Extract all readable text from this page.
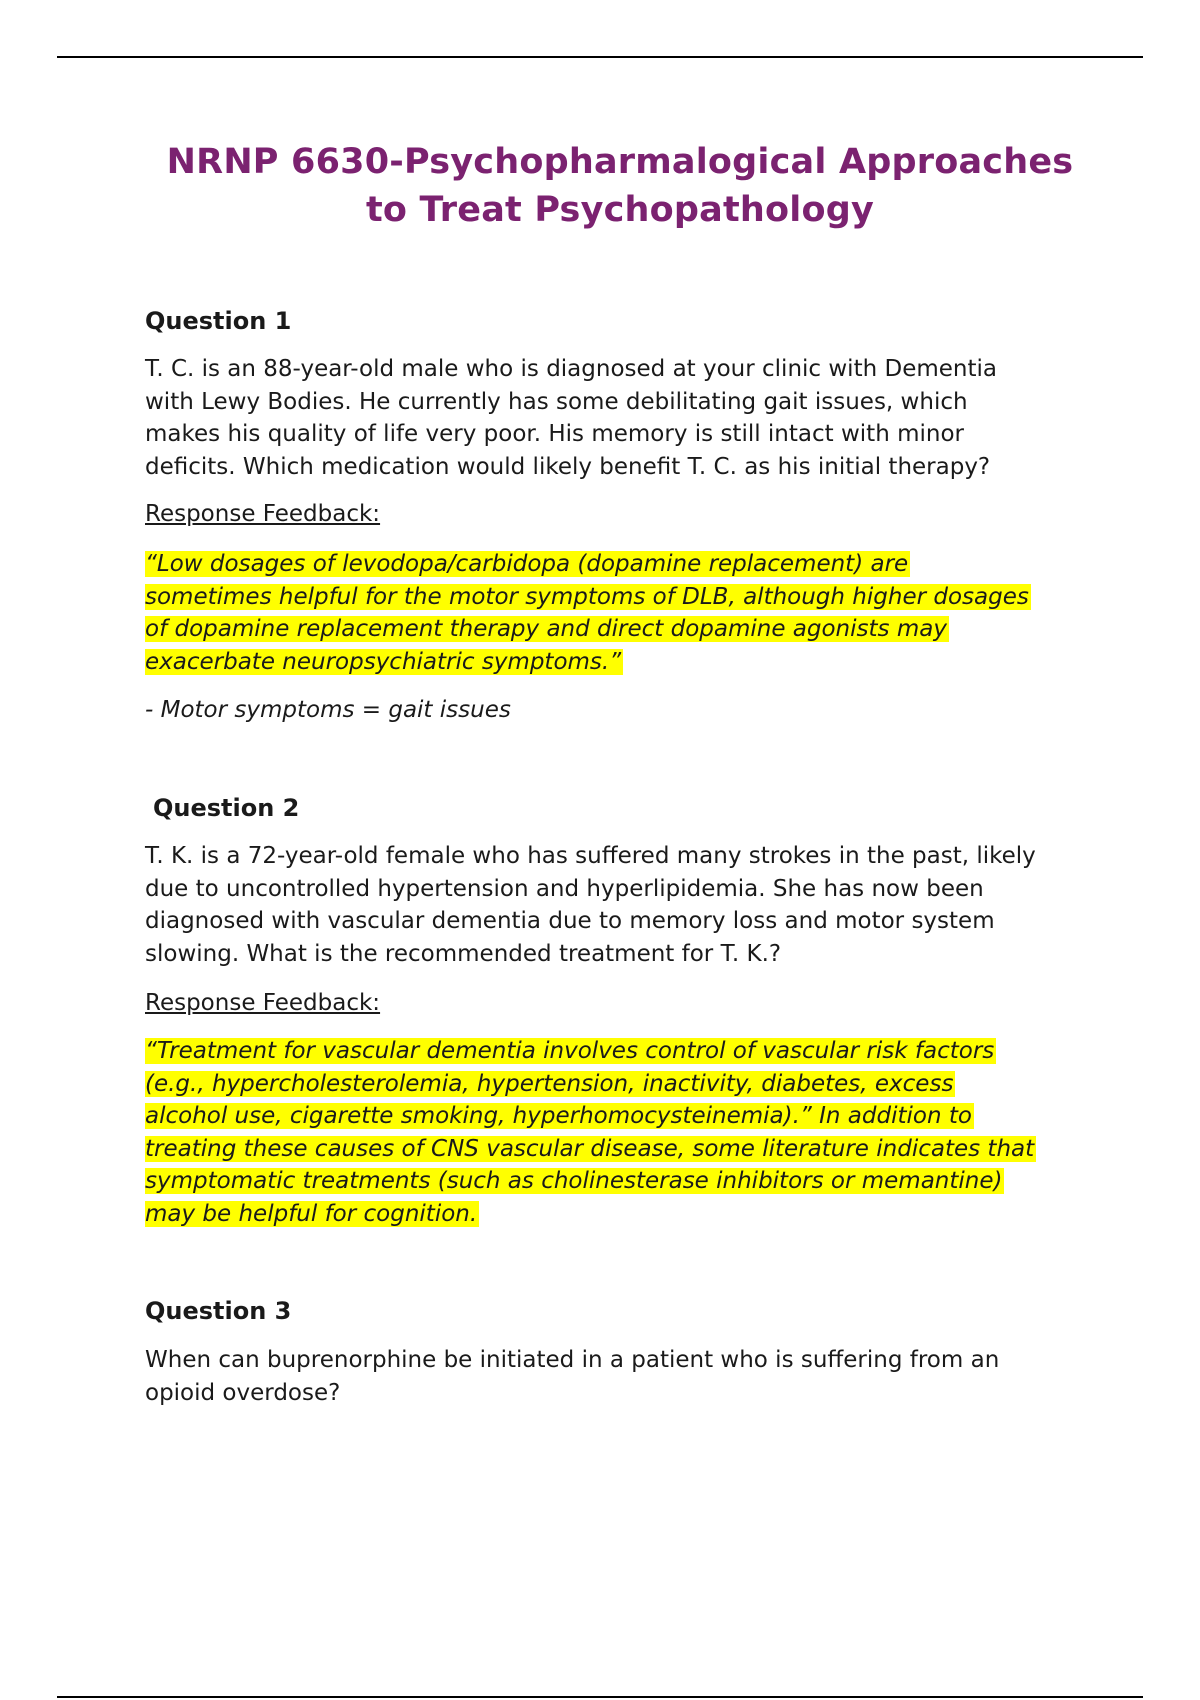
NRNP 6630-Psychopharmalogical Approaches
to Treat Psychopathology
Question 1
T. C. is an 88-year-old male who is diagnosed at your clinic with Dementia
with Lewy Bodies. He currently has some debilitating gait issues, which
makes his quality of life very poor. His memory is still intact with minor
deficits. Which medication would likely benefit T. C. as his initial therapy?
Response Feedback:
“Low dosages of levodopa/carbidopa (dopamine replacement) are
sometimes helpful for the motor symptoms of DLB, although higher dosages
of dopamine replacement therapy and direct dopamine agonists may
exacerbate neuropsychiatric symptoms.”
- Motor symptoms = gait issues
Question 2
T. K. is a 72-year-old female who has suffered many strokes in the past, likely
due to uncontrolled hypertension and hyperlipidemia. She has now been
diagnosed with vascular dementia due to memory loss and motor system
slowing. What is the recommended treatment for T. K.?
Response Feedback:
“Treatment for vascular dementia involves control of vascular risk factors
(e.g., hypercholesterolemia, hypertension, inactivity, diabetes, excess
alcohol use, cigarette smoking, hyperhomocysteinemia).” In addition to
treating these causes of CNS vascular disease, some literature indicates that
symptomatic treatments (such as cholinesterase inhibitors or memantine)
may be helpful for cognition.
Question 3
When can buprenorphine be initiated in a patient who is suffering from an
opioid overdose?
